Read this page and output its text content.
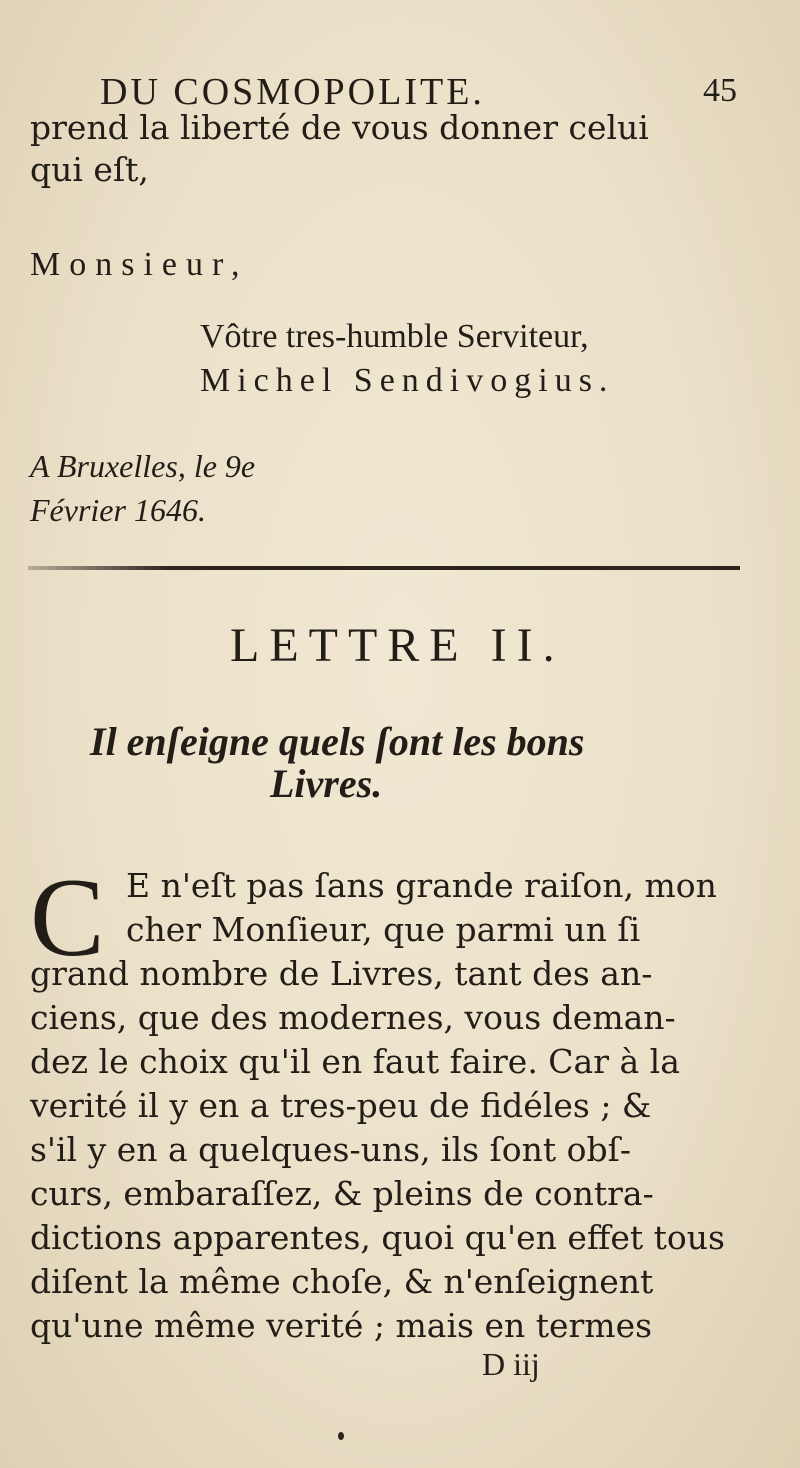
DU COSMOPOLITE.	45
prend la liberté de vous donner celui
qui eſt,
Monsieur,
Vôtre tres-humble Serviteur,
Michel Sendivogius.
A Bruxelles, le 9e
Février 1646.
LETTRE II.
Il enſeigne quels ſont les bons
Livres.
C E n'eſt pas ſans grande raiſon, mon
cher Monſieur, que parmi un ſi
grand nombre de Livres, tant des an-
ciens, que des modernes, vous deman-
dez le choix qu'il en faut faire. Car à la
verité il y en a tres-peu de fidéles ; &
s'il y en a quelques-uns, ils ſont obſ-
curs, embaraſſez, & pleins de contra-
dictions apparentes, quoi qu'en effet tous
diſent la même choſe, & n'enſeignent
qu'une même verité ; mais en termes
D iij
